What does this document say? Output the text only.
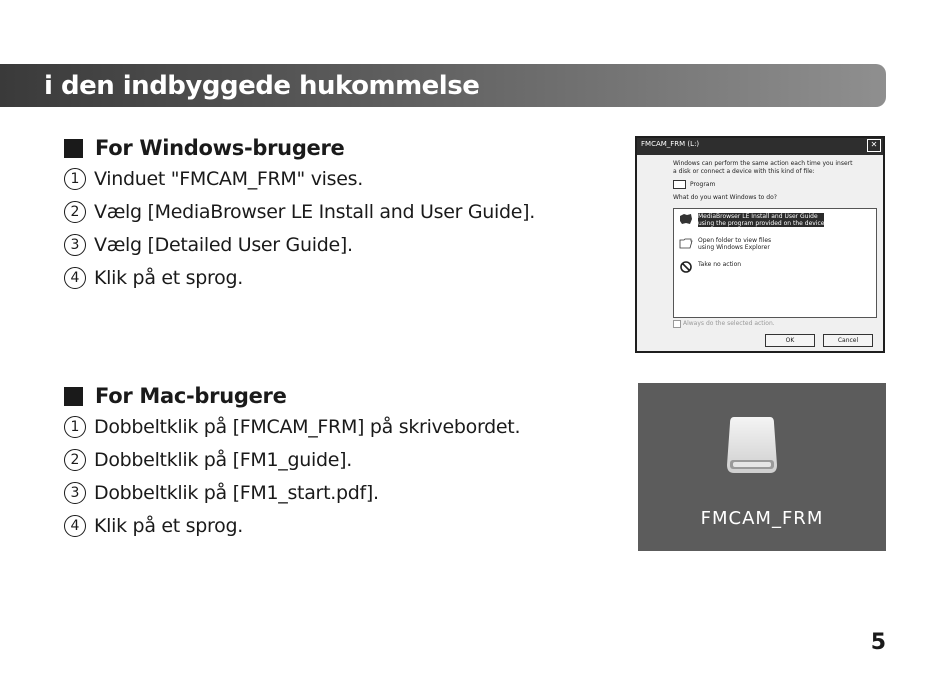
i den indbyggede hukommelse
For Windows-brugere
1 Vinduet "FMCAM_FRM" vises.
2 Vælg [MediaBrowser LE Install and User Guide].
3 Vælg [Detailed User Guide].
4 Klik på et sprog.
For Mac-brugere
1 Dobbeltklik på [FMCAM_FRM] på skrivebordet.
2 Dobbeltklik på [FM1_guide].
3 Dobbeltklik på [FM1_start.pdf].
4 Klik på et sprog.
FMCAM_FRM (L:)	✕
Windows can perform the same action each time you insert
a disk or connect a device with this kind of file:
Program
What do you want Windows to do?
MediaBrowser LE Install and User Guide
using the program provided on the device
Open folder to view files
using Windows Explorer
Take no action
Always do the selected action.
OK	Cancel
FMCAM_FRM
5
